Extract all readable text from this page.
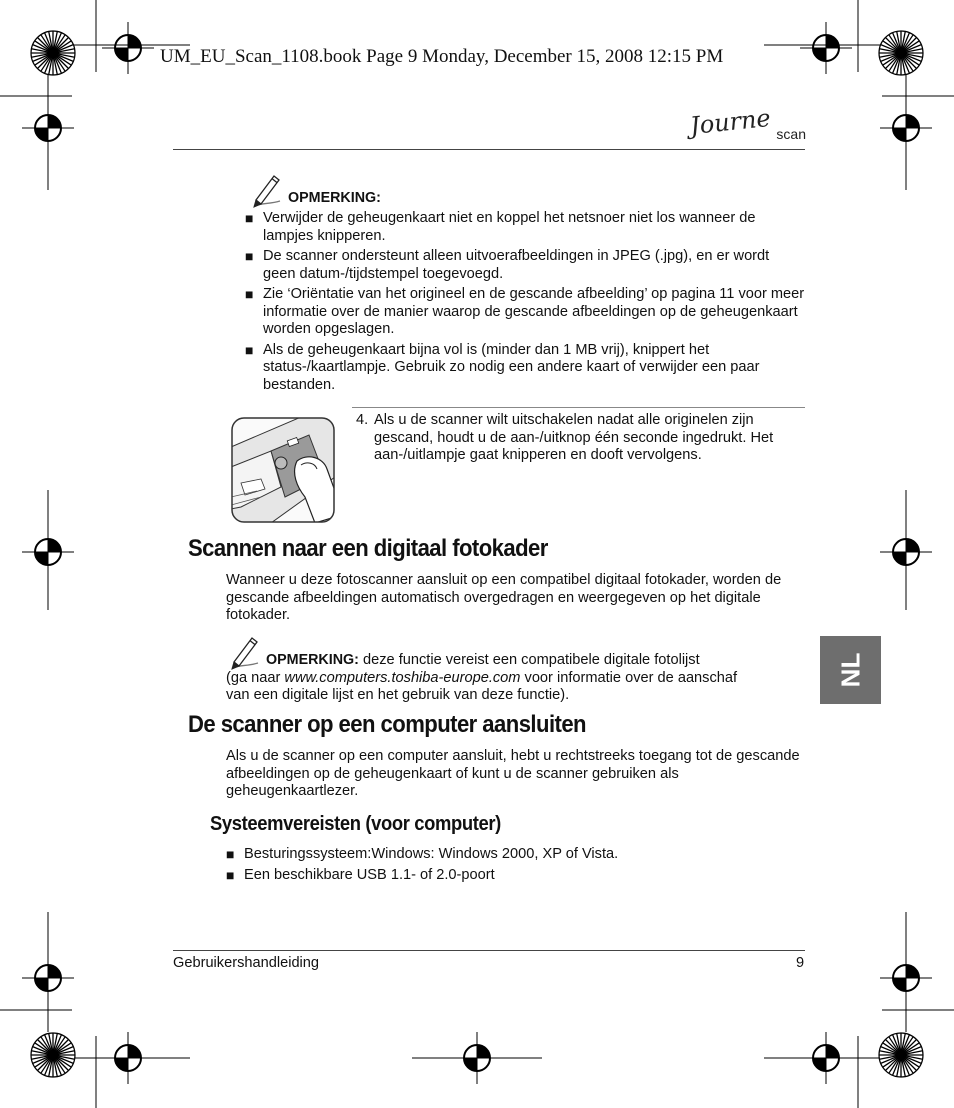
UM_EU_Scan_1108.book Page 9 Monday, December 15, 2008 12:15 PM
Journe scan
OPMERKING:
■ Verwijder de geheugenkaart niet en koppel het netsnoer niet los wanneer de lampjes knipperen.
■ De scanner ondersteunt alleen uitvoerafbeeldingen in JPEG (.jpg), en er wordt geen datum-/tijdstempel toegevoegd.
■ Zie ‘Oriëntatie van het origineel en de gescande afbeelding’ op pagina 11 voor meer informatie over de manier waarop de gescande afbeeldingen op de geheugenkaart worden opgeslagen.
■ Als de geheugenkaart bijna vol is (minder dan 1 MB vrij), knippert het status-/kaartlampje. Gebruik zo nodig een andere kaart of verwijder een paar bestanden.
4. Als u de scanner wilt uitschakelen nadat alle originelen zijn gescand, houdt u de aan-/uitknop één seconde ingedrukt. Het aan-/uitlampje gaat knipperen en dooft vervolgens.
Scannen naar een digitaal fotokader
Wanneer u deze fotoscanner aansluit op een compatibel digitaal fotokader, worden de gescande afbeeldingen automatisch overgedragen en weergegeven op het digitale fotokader.
OPMERKING: deze functie vereist een compatibele digitale fotolijst
(ga naar www.computers.toshiba-europe.com voor informatie over de aanschaf
van een digitale lijst en het gebruik van deze functie).
De scanner op een computer aansluiten
Als u de scanner op een computer aansluit, hebt u rechtstreeks toegang tot de gescande afbeeldingen op de geheugenkaart of kunt u de scanner gebruiken als geheugenkaartlezer.
Systeemvereisten (voor computer)
■ Besturingssysteem:Windows: Windows 2000, XP of Vista.
■ Een beschikbare USB 1.1- of 2.0-poort
NL
Gebruikershandleiding	9
